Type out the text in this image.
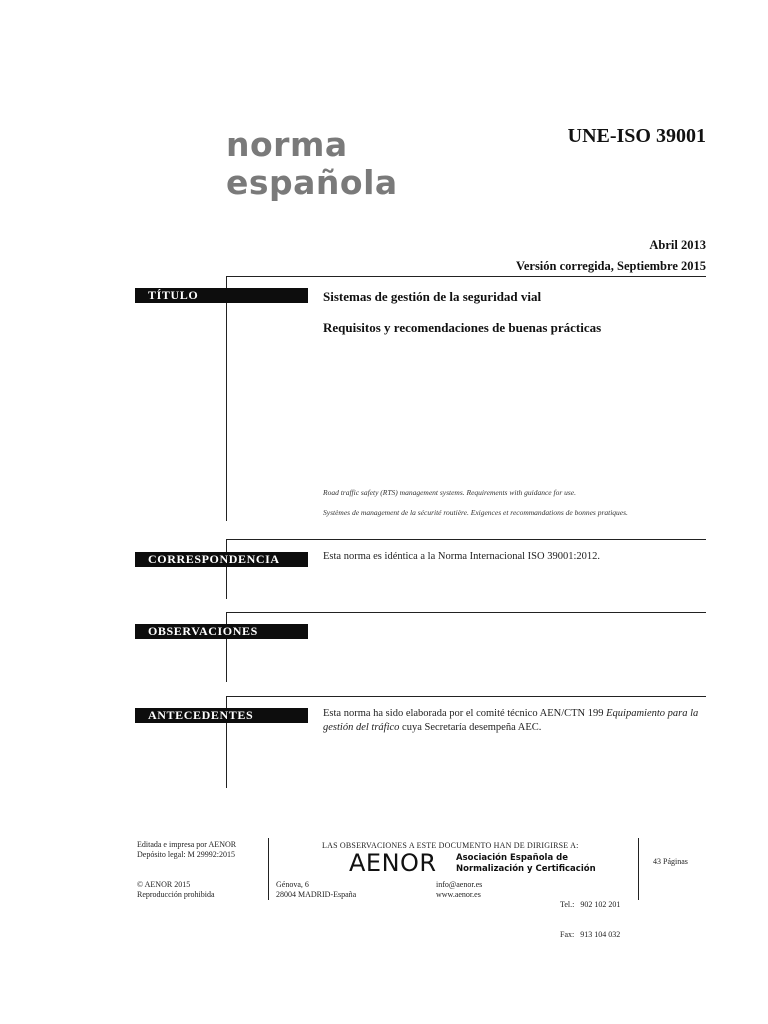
norma
española
UNE-ISO 39001
Abril 2013
Versión corregida, Septiembre 2015
TÍTULO	Sistemas de gestión de la seguridad vial
Requisitos y recomendaciones de buenas prácticas
Road traffic safety (RTS) management systems. Requirements with guidance for use.
Systèmes de management de la sécurité routière. Exigences et recommandations de bonnes pratiques.
CORRESPONDENCIA	Esta norma es idéntica a la Norma Internacional ISO 39001:2012.
OBSERVACIONES
ANTECEDENTES	Esta norma ha sido elaborada por el comité técnico AEN/CTN 199 Equipamiento para la gestión del tráfico cuya Secretaría desempeña AEC.
Editada e impresa por AENOR
Depósito legal: M 29992:2015
© AENOR 2015
Reproducción prohibida
LAS OBSERVACIONES A ESTE DOCUMENTO HAN DE DIRIGIRSE A:
AENOR Asociación Española de
Normalización y Certificación
Génova, 6
28004 MADRID-España
info@aenor.es
www.aenor.es

Tel.:   902 102 201

Fax:   913 104 032

43 Páginas
